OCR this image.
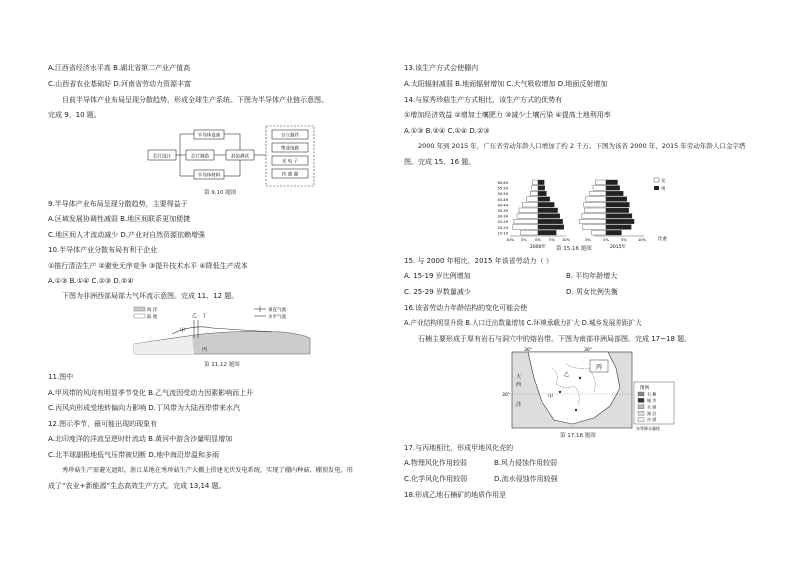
A.江西省经济水平高 B.湖北省第二产业产值高
C.山西省农业基础好 D.河南省劳动力资源丰富
目前半导体产业布局呈现分散趋势，形成全球生产系统。下图为半导体产业链示意图。
完成 9、10 题。
芯片设计	芯片制造	封装测试
半导体设备
半导体材料
分立器件
集成电路
光 电 子
传 感 器
第 9,10 题图
9.半导体产业布局呈现分散趋势，主要得益于
A.区域发展协调性减弱 B.地区间联系更加便捷
C.地区间人才流动减少 D.产业对自然资源依赖增强
10.半导体产业分散布局有利于企业
①推行清洁生产 ②避免无序竞争 ③提升技术水平 ④降低生产成本
A.①③ B.①④ C.②③ D.②④
下图为非洲西部局部大气环流示意图。完成 11、12 题。
海 洋
陆 地
垂直气流
水平气流
甲
乙 丁
丙
第 11,12 题图
11.图中
A.甲风带的风向有明显季节变化 B.乙气流因受动力因素影响而上升
C.丙风向形成受地转偏向力影响 D.丁风带为大陆西岸带来水汽
12.图示季节，最可能出现的现象有
A.北印度洋的洋流呈逆时针流动 B.黄河中游含沙量明显增加
C.北半球副极地低气压带被切断 D.地中海沿岸温和多雨
秀珍菇生产需避光遮阳，浙江某地在秀珍菇生产大棚上搭建光伏发电系统，实现了棚内种菇、棚顶发电，形
成了“农业+新能源”生态高效生产方式。完成 13,14 题。
13.该生产方式会使棚内
A.太阳辐射减弱 B.地面辐射增加 C.大气吸收增加 D.地面反射增加
14.与原秀珍菇生产方式相比，该生产方式的优势有
①增加经济效益 ②增加土壤肥力 ③减少土壤污染 ④提高土地利用率
A.①③ B.②④ C.①④ D.②③
2000 年到 2015 年，广东省劳动年龄人口增加了约 2 千万。下图为该省 2000 年、2015 年劳动年龄人口金字塔
图。完成 15、16 题。
60-64
55-59
50-54
45-49
40-44
35-39
30-34
25-29
20-24
15-19
10% 5% 0% 5% 10%	5%	0%	5%	10%
2000年	2015年
比重
女
男
第 15,16 题图
15. 与 2000 年相比，2015 年该省劳动力（ ）
A. 15-19 岁比例增加	B. 平均年龄增大
C. 25-29 岁数量减少	D. 男女比例失衡
16.该省劳动力年龄结构的变化可能会使
A.产业结构明显升级 B.人口迁出数量增加 C.环境承载力扩大 D.城乡发展差距扩大
石楠主要形成于厚有岩石与洞穴中的熔岩带。下图为南部非洲局部图。完成 17~18 题。
30°
30°	30°
大
西
洋
甲
乙
丙
图例
石 楠
城 市
水 域
湖 泊
沙 漠
年等降水量线
第 17,18 题图
17.与丙地相比，形成甲地风化壳的
A.物理风化作用较弱	B.风力侵蚀作用较弱
C.化学风化作用较弱	D.流水侵蚀作用较强
18.形成乙地石楠矿的地质作用是
